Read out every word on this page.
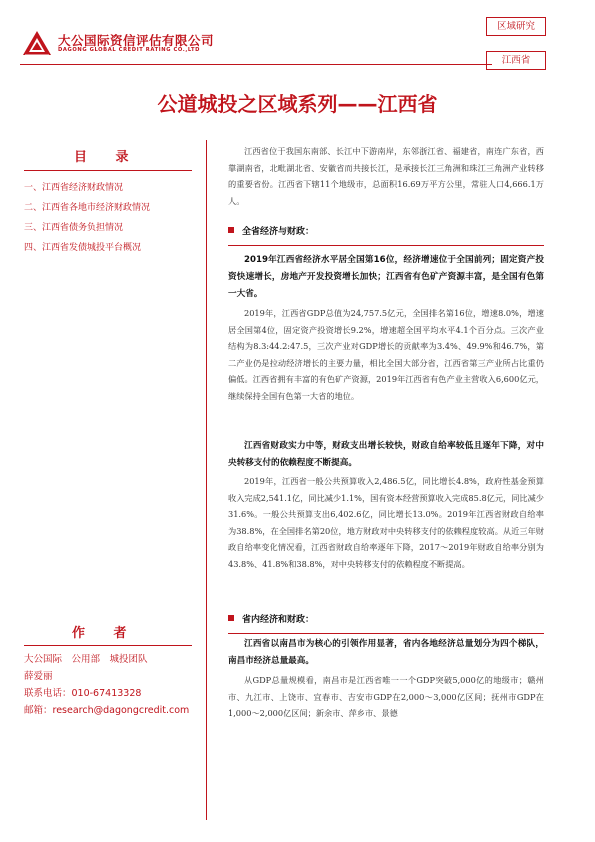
大公国际资信评估有限公司
DAGONG GLOBAL CREDIT RATING CO.,LTD
区域研究
江西省
公道城投之区域系列——江西省
目 录
一、江西省经济财政情况
二、江西省各地市经济财政情况
三、江西省债务负担情况
四、江西省发债城投平台概况
作 者
大公国际　公用部　城投团队
薛爱丽
联系电话：010-67413328
邮箱：research@dagongcredit.com

江西省位于我国东南部、长江中下游南岸，东邻浙江省、福建省，南连广东省，西靠湖南省，北毗湖北省、安徽省而共接长江，是承接长江三角洲和珠江三角洲产业转移的重要省份。江西省下辖11个地级市，总面积16.69万平方公里，常驻人口4,666.1万人。

全省经济与财政：

2019年江西省经济水平居全国第16位，经济增速位于全国前列；固定资产投资快速增长，房地产开发投资增长加快；江西省有色矿产资源丰富，是全国有色第一大省。

2019年，江西省GDP总值为24,757.5亿元，全国排名第16位，增速8.0%，增速居全国第4位，固定资产投资增长9.2%，增速超全国平均水平4.1个百分点。三次产业结构为8.3:44.2:47.5，三次产业对GDP增长的贡献率为3.4%、49.9%和46.7%，第二产业仍是拉动经济增长的主要力量，相比全国大部分省，江西省第三产业所占比重仍偏低。江西省拥有丰富的有色矿产资源，2019年江西省有色产业主营收入6,600亿元，继续保持全国有色第一大省的地位。

江西省财政实力中等，财政支出增长较快，财政自给率较低且逐年下降，对中央转移支付的依赖程度不断提高。

2019年，江西省一般公共预算收入2,486.5亿，同比增长4.8%，政府性基金预算收入完成2,541.1亿，同比减少1.1%，国有资本经营预算收入完成85.8亿元，同比减少31.6%。一般公共预算支出6,402.6亿，同比增长13.0%。2019年江西省财政自给率为38.8%，在全国排名第20位，地方财政对中央转移支付的依赖程度较高。从近三年财政自给率变化情况看，江西省财政自给率逐年下降，2017～2019年财政自给率分别为43.8%、41.8%和38.8%，对中央转移支付的依赖程度不断提高。

省内经济和财政：

江西省以南昌市为核心的引领作用显著，省内各地经济总量划分为四个梯队，南昌市经济总量最高。

从GDP总量规模看，南昌市是江西省唯一一个GDP突破5,000亿的地级市；赣州市、九江市、上饶市、宜春市、吉安市GDP在2,000～3,000亿区间；抚州市GDP在1,000～2,000亿区间；新余市、萍乡市、景德
